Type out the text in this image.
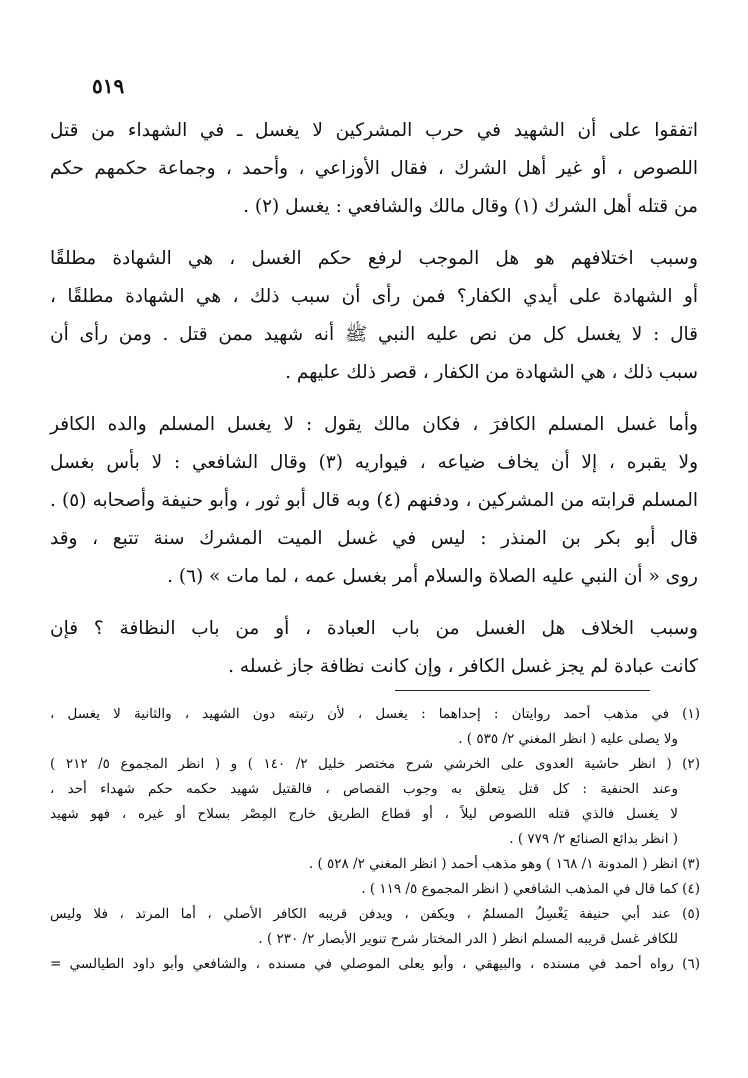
٥١٩

اتفقوا على أن الشهيد في حرب المشركين لا يغسل ـ في الشهداء من قتل
اللصوص ، أو غير أهل الشرك ، فقال الأوزاعي ، وأحمد ، وجماعة حكمهم حكم
من قتله أهل الشرك (١) وقال مالك والشافعي : يغسل (٢) .

وسبب اختلافهم هو هل الموجب لرفع حكم الغسل ، هي الشهادة مطلقًا
أو الشهادة على أيدي الكفار؟ فمن رأى أن سبب ذلك ، هي الشهادة مطلقًا ،
قال : لا يغسل كل من نص عليه النبي ﷺ أنه شهيد ممن قتل . ومن رأى أن
سبب ذلك ، هي الشهادة من الكفار ، قصر ذلك عليهم .

وأما غسل المسلم الكافرَ ، فكان مالك يقول : لا يغسل المسلم والده الكافر
ولا يقبره ، إلا أن يخاف ضياعه ، فيواريه (٣) وقال الشافعي : لا بأس بغسل
المسلم قرابته من المشركين ، ودفنهم (٤) وبه قال أبو ثور ، وأبو حنيفة وأصحابه (٥) .
قال أبو بكر بن المنذر : ليس في غسل الميت المشرك سنة تتبع ، وقد
روى « أن النبي عليه الصلاة والسلام أمر بغسل عمه ، لما مات » (٦) .

وسبب الخلاف هل الغسل من باب العبادة ، أو من باب النظافة ؟ فإن
كانت عبادة لم يجز غسل الكافر ، وإن كانت نظافة جاز غسله .

(١) في مذهب أحمد روايتان : إحداهما : يغسل ، لأن رتبته دون الشهيد ، والثانية لا يغسل ،
ولا يصلى عليه ( انظر المغني ٢/ ٥٣٥ ) .
(٢) ( انظر حاشية العدوى على الخرشي شرح مختصر خليل ٢/ ١٤٠ ) و ( انظر المجموع ٥/ ٢١٢ )
وعند الحنفية : كل قتل يتعلق به وجوب القصاص ، فالقتيل شهيد حكمه حكم شهداء أحد ،
لا يغسل فالذي قتله اللصوص ليلاً ، أو قطاع الطريق خارج المِصْر بسلاح أو غيره ، فهو شهيد
( انظر بدائع الصنائع ٢/ ٧٧٩ ) .
(٣) انظر ( المدونة ١/ ١٦٨ ) وهو مذهب أحمد ( انظر المغني ٢/ ٥٢٨ ) .
(٤) كما قال في المذهب الشافعي ( انظر المجموع ٥/ ١١٩ ) .
(٥) عند أبي حنيفة يَغْسِلُ المسلمُ ، ويكفن ، ويدفن قريبه الكافر الأصلي ، أما المرتد ، فلا وليس
للكافر غسل قريبه المسلم انظر ( الدر المختار شرح تنوير الأبصار ٢/ ٢٣٠ ) .
(٦) رواه أحمد في مسنده ، والبيهقي ، وأبو يعلى الموصلي في مسنده ، والشافعي وأبو داود الطيالسي =
